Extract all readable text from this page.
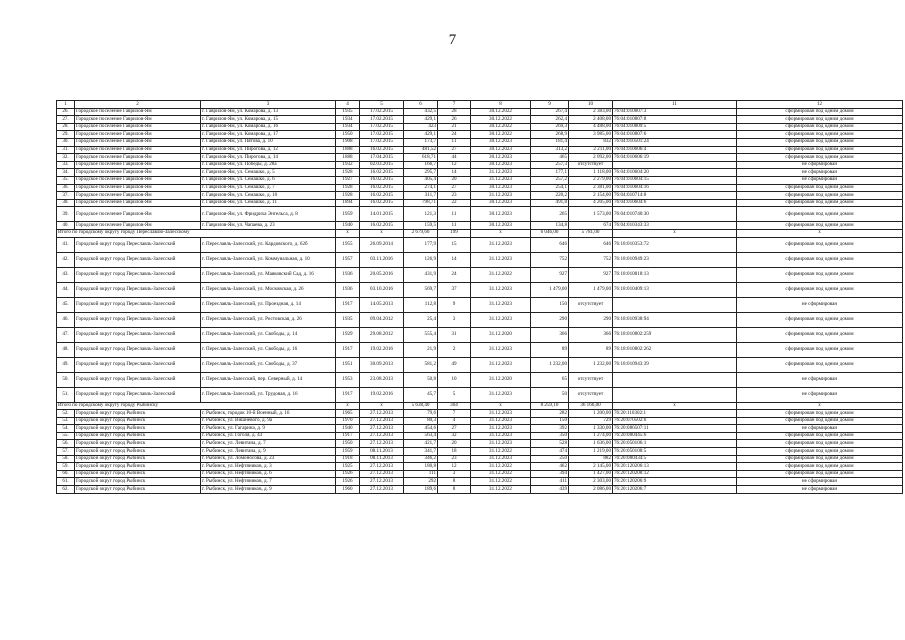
7
1	2	3	4	5	6	7	8	9	10	11	12
26.	Городское поселение Гаврилов-Ям	г. Гаврилов-Ям, ул. Комарова, д. 13	1935	17.02.2015	432,5	28	30.12.2022	267,4	2 383,00	76:04:010807:3	сформирован под одним домом
27.	Городское поселение Гаврилов-Ям	г. Гаврилов-Ям, ул. Комарова, д. 15	1934	17.02.2015	429,1	26	30.12.2022	262,4	2 408,00	76:04:010807:8	сформирован под одним домом
28.	Городское поселение Гаврилов-Ям	г. Гаврилов-Ям, ул. Комарова, д. 16	1934	17.02.2015	423	21	30.12.2022	269,3	4 488,00	76:04:010809:5	сформирован под одним домом
29.	Городское поселение Гаврилов-Ям	г. Гаврилов-Ям, ул. Комарова, д. 17	1950	17.02.2015	429,1	24	30.12.2022	268,9	3 985,00	76:04:010807:6	сформирован под одним домом
30.	Городское поселение Гаврилов-Ям	г. Гаврилов-Ям, ул. Пятова, д. 10	1908	17.02.2015	173,7	11	30.12.2023	181,4	832	76:04:010501:24	сформирован под одним домом
31.	Городское поселение Гаврилов-Ям	г. Гаврилов-Ям, ул. Пирогова, д. 12	1888	16.02.2015	481,52	27	30.12.2023	313,2	2 211,00	76:04:010606:4	сформирован под одним домом
32.	Городское поселение Гаврилов-Ям	г. Гаврилов-Ям, ул. Пирогова, д. 14	1888	17.04.2015	618,71	44	30.12.2023	465	2 092,00	76:04:010606:19	сформирован под одним домом
33.	Городское поселение Гаврилов-Ям	г. Гаврилов-Ям, ул. Победы, д. 28а	1932	02.03.2015	166,7	12	30.12.2023	257,3	отсутствует		не сформирован
34.	Городское поселение Гаврилов-Ям	г. Гаврилов-Ям, ул. Семашко, д. 5	1928	16.02.2015	295,7	14	31.12.2023	177,1	1 118,00	76:04:010604:20	не сформирован
35.	Городское поселение Гаврилов-Ям	г. Гаврилов-Ям, ул. Семашко, д. 6	1927	16.02.2015	405,4	20	31.12.2023	257,2	2 279,00	76:04:010604:15	не сформирован
36.	Городское поселение Гаврилов-Ям	г. Гаврилов-Ям, ул. Семашко, д. 7	1928	16.02.2015	274,1	27	30.12.2023	254,1	2 381,00	76:04:010604:16	сформирован под одним домом
37.	Городское поселение Гаврилов-Ям	г. Гаврилов-Ям, ул. Семашко, д. 10	1928	16.02.2015	311,7	23	31.12.2023	220,2	2 154,00	76:04:010714:8	сформирован под одним домом
38.	Городское поселение Гаврилов-Ям	г. Гаврилов-Ям, ул. Семашко, д. 11	1894	16.02.2015	798,71	22	30.12.2023	491,8	4 205,00	76:04:010604:6	сформирован под одним домом
39.	Городское поселение Гаврилов-Ям	г. Гаврилов-Ям, ул. Фридриха Энгельса, д. 8	1959	14.01.2015	121,3	11	30.12.2023	265	1 573,00	76:04:010740:30	сформирован под одним домом
40.	Городское поселение Гаврилов-Ям	г. Гаврилов-Ям, ул. Чапаева, д. 23	1940	16.02.2015	159,5	11	30.12.2023	134,8	674	76:04:010343:33	сформирован под одним домом
Итого по городскому округу городу Переславлю-Залесскому			x	x	2 679,60	199	x	6 046,00	5 781,00	x	x
41.	Городской округ город Переславль-Залесский	г. Переславль-Залесский, ул. Кардовского, д. 62б	1955	26.09.2014	177,9	15	31.12.2023	646	646	76:18:010353:72	сформирован под одним домом
42.	Городской округ город Переславль-Залесский	г. Переславль-Залесский, ул. Коммунальная, д. 10	1957	03.11.2016	126,9	14	31.12.2023	752	752	76:18:010949:23	сформирован под одним домом
43.	Городской округ город Переславль-Залесский	г. Переславль-Залесский, ул. Маяковский Сад, д. 16	1936	20.05.2016	431,9	24	31.12.2022	927	927	76:18:010818:13	сформирован под одним домом
44.	Городской округ город Переславль-Залесский	г. Переславль-Залесский, ул. Московская, д. 26	1936	03.10.2016	569,7	37	31.12.2023	1 479,00	1 479,00	76:18:010409:13	сформирован под одним домом
45.	Городской округ город Переславль-Залесский	г. Переславль-Залесский, ул. Проездная, д. 14	1917	14.05.2013	112,8	9	31.12.2023	150	отсутствует		не сформирован
46.	Городской округ город Переславль-Залесский	г. Переславль-Залесский, ул. Ростовская, д. 26	1935	09.04.2012	25,4	3	31.12.2023	290	290	76:18:010938:94	сформирован под одним домом
47.	Городской округ город Переславль-Залесский	г. Переславль-Залесский, ул. Свободы, д. 14	1929	29.08.2012	555,4	31	31.12.2020	366	366	76:18:010802:259	сформирован под одним домом
48.	Городской округ город Переславль-Залесский	г. Переславль-Залесский, ул. Свободы, д. 16	1917	19.02.2016	21,9	2	31.12.2023	89	89	76:18:010802:262	сформирован под одним домом
49.	Городской округ город Переславль-Залесский	г. Переславль-Залесский, ул. Свободы, д. 37	1951	30.09.2013	581,2	49	31.12.2023	1 232,00	1 232,00	76:18:010943:39	сформирован под одним домом
50.	Городской округ город Переславль-Залесский	г. Переславль-Залесский, пер. Северный, д. 14	1953	23.08.2013	50,8	10	31.12.2020	65	отсутствует		не сформирован
51.	Городской округ город Переславль-Залесский	г. Переславль-Залесский, ул. Трудовая, д. 16	1917	19.02.2016	45,7	5	31.12.2023	50	отсутствует		не сформирован
Итого по городскому округу городу Рыбинску			x	x	5 638,40	304	x	8 259,10	36 166,00	x	x
52.	Городской округ город Рыбинск	г. Рыбинск, городок 10-й Военный, д. 16	1965	27.12.2013	79,6	7	31.12.2023	282	1 200,00	76:20:110302:1	сформирован под одним домом
53.	Городской округ город Рыбинск	г. Рыбинск, ул. Вишнёвого, д. 9а	1970	27.12.2013	80,3	4	31.12.2023	150	729	76:20:070502:6	сформирован под одним домом
54.	Городской округ город Рыбинск	г. Рыбинск, ул. Гагарина, д. 9	1940	27.12.2013	454,6	27	31.12.2023	392	1 330,00	76:20:080507:11	не сформирован
55.	Городской округ город Рыбинск	г. Рыбинск, ул. Гоголя, д. 43	1917	27.12.2013	563,4	32	31.12.2023	350	1 274,00	76:20:080445:6	сформирован под одним домом
56.	Городской округ город Рыбинск	г. Рыбинск, ул. Левитана, д. 7	1950	27.12.2013	421,7	20	31.12.2023	528	1 636,00	76:20:050106:1	сформирован под одним домом
57.	Городской округ город Рыбинск	г. Рыбинск, ул. Левитана, д. 9	1959	08.11.2013	341,7	18	31.12.2022	474	1 219,00	76:20:050108:5	сформирован под одним домом
58.	Городской округ город Рыбинск	г. Рыбинск, ул. Ломоносова, д. 23	1918	08.11.2013	346,2	23	31.12.2023	250	882	76:20:080434:5	сформирован под одним домом
59.	Городской округ город Рыбинск	г. Рыбинск, ул. Нефтяников, д. 3	1925	27.12.2013	180,8	12	31.12.2022	462	2 145,00	76:20:120206:13	сформирован под одним домом
60.	Городской округ город Рыбинск	г. Рыбинск, ул. Нефтяников, д. 6	1926	27.12.2013	111	3	31.12.2022	394	1 427,00	76:20:120208:12	сформирован под одним домом
61.	Городской округ город Рыбинск	г. Рыбинск, ул. Нефтяников, д. 7	1926	27.12.2013	292	8	31.12.2022	411	2 303,00	76:20:120206:9	не сформирован
62.	Городской округ город Рыбинск	г. Рыбинск, ул. Нефтяников, д. 9	1960	27.12.2013	189,6	8	31.12.2022	439	2 086,00	76:20:120206:7	не сформирован
